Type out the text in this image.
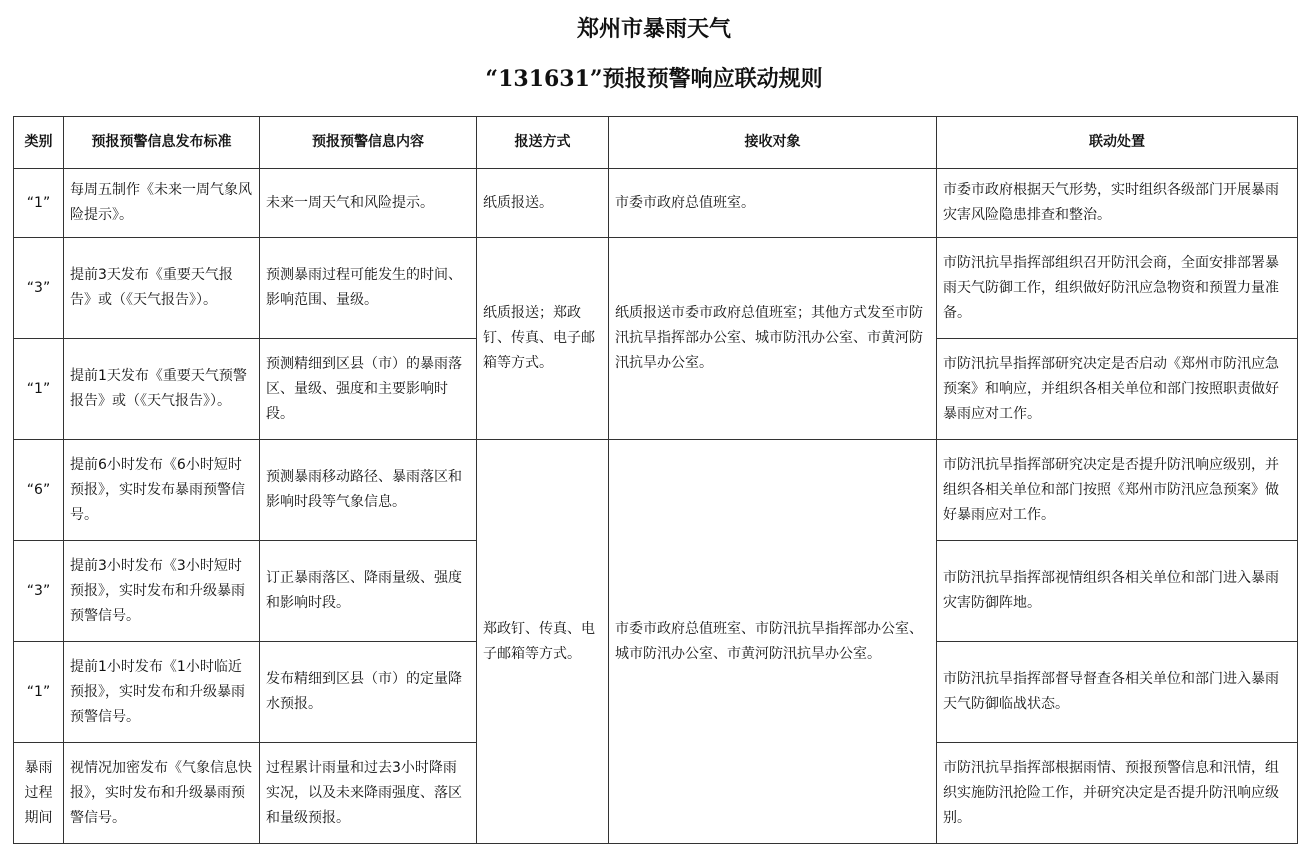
郑州市暴雨天气
“131631”预报预警响应联动规则
类别	预报预警信息发布标准	预报预警信息内容	报送方式	接收对象	联动处置
“1”	每周五制作《未来一周气象风险提示》。	未来一周天气和风险提示。	纸质报送。	市委市政府总值班室。	市委市政府根据天气形势，实时组织各级部门开展暴雨灾害风险隐患排查和整治。
“3”	提前3天发布《重要天气报告》或（《天气报告》）。	预测暴雨过程可能发生的时间、影响范围、量级。	纸质报送；郑政钉、传真、电子邮箱等方式。	纸质报送市委市政府总值班室；其他方式发至市防汛抗旱指挥部办公室、城市防汛办公室、市黄河防汛抗旱办公室。	市防汛抗旱指挥部组织召开防汛会商，全面安排部署暴雨天气防御工作，组织做好防汛应急物资和预置力量准备。
“1”	提前1天发布《重要天气预警报告》或（《天气报告》）。	预测精细到区县（市）的暴雨落区、量级、强度和主要影响时段。			市防汛抗旱指挥部研究决定是否启动《郑州市防汛应急预案》和响应，并组织各相关单位和部门按照职责做好暴雨应对工作。
“6”	提前6小时发布《6小时短时预报》，实时发布暴雨预警信号。	预测暴雨移动路径、暴雨落区和影响时段等气象信息。	郑政钉、传真、电子邮箱等方式。	市委市政府总值班室、市防汛抗旱指挥部办公室、城市防汛办公室、市黄河防汛抗旱办公室。	市防汛抗旱指挥部研究决定是否提升防汛响应级别，并组织各相关单位和部门按照《郑州市防汛应急预案》做好暴雨应对工作。
“3”	提前3小时发布《3小时短时预报》，实时发布和升级暴雨预警信号。	订正暴雨落区、降雨量级、强度和影响时段。			市防汛抗旱指挥部视情组织各相关单位和部门进入暴雨灾害防御阵地。
“1”	提前1小时发布《1小时临近预报》，实时发布和升级暴雨预警信号。	发布精细到区县（市）的定量降水预报。			市防汛抗旱指挥部督导督查各相关单位和部门进入暴雨天气防御临战状态。
暴雨过程期间	视情况加密发布《气象信息快报》，实时发布和升级暴雨预警信号。	过程累计雨量和过去3小时降雨实况，以及未来降雨强度、落区和量级预报。			市防汛抗旱指挥部根据雨情、预报预警信息和汛情，组织实施防汛抢险工作，并研究决定是否提升防汛响应级别。
